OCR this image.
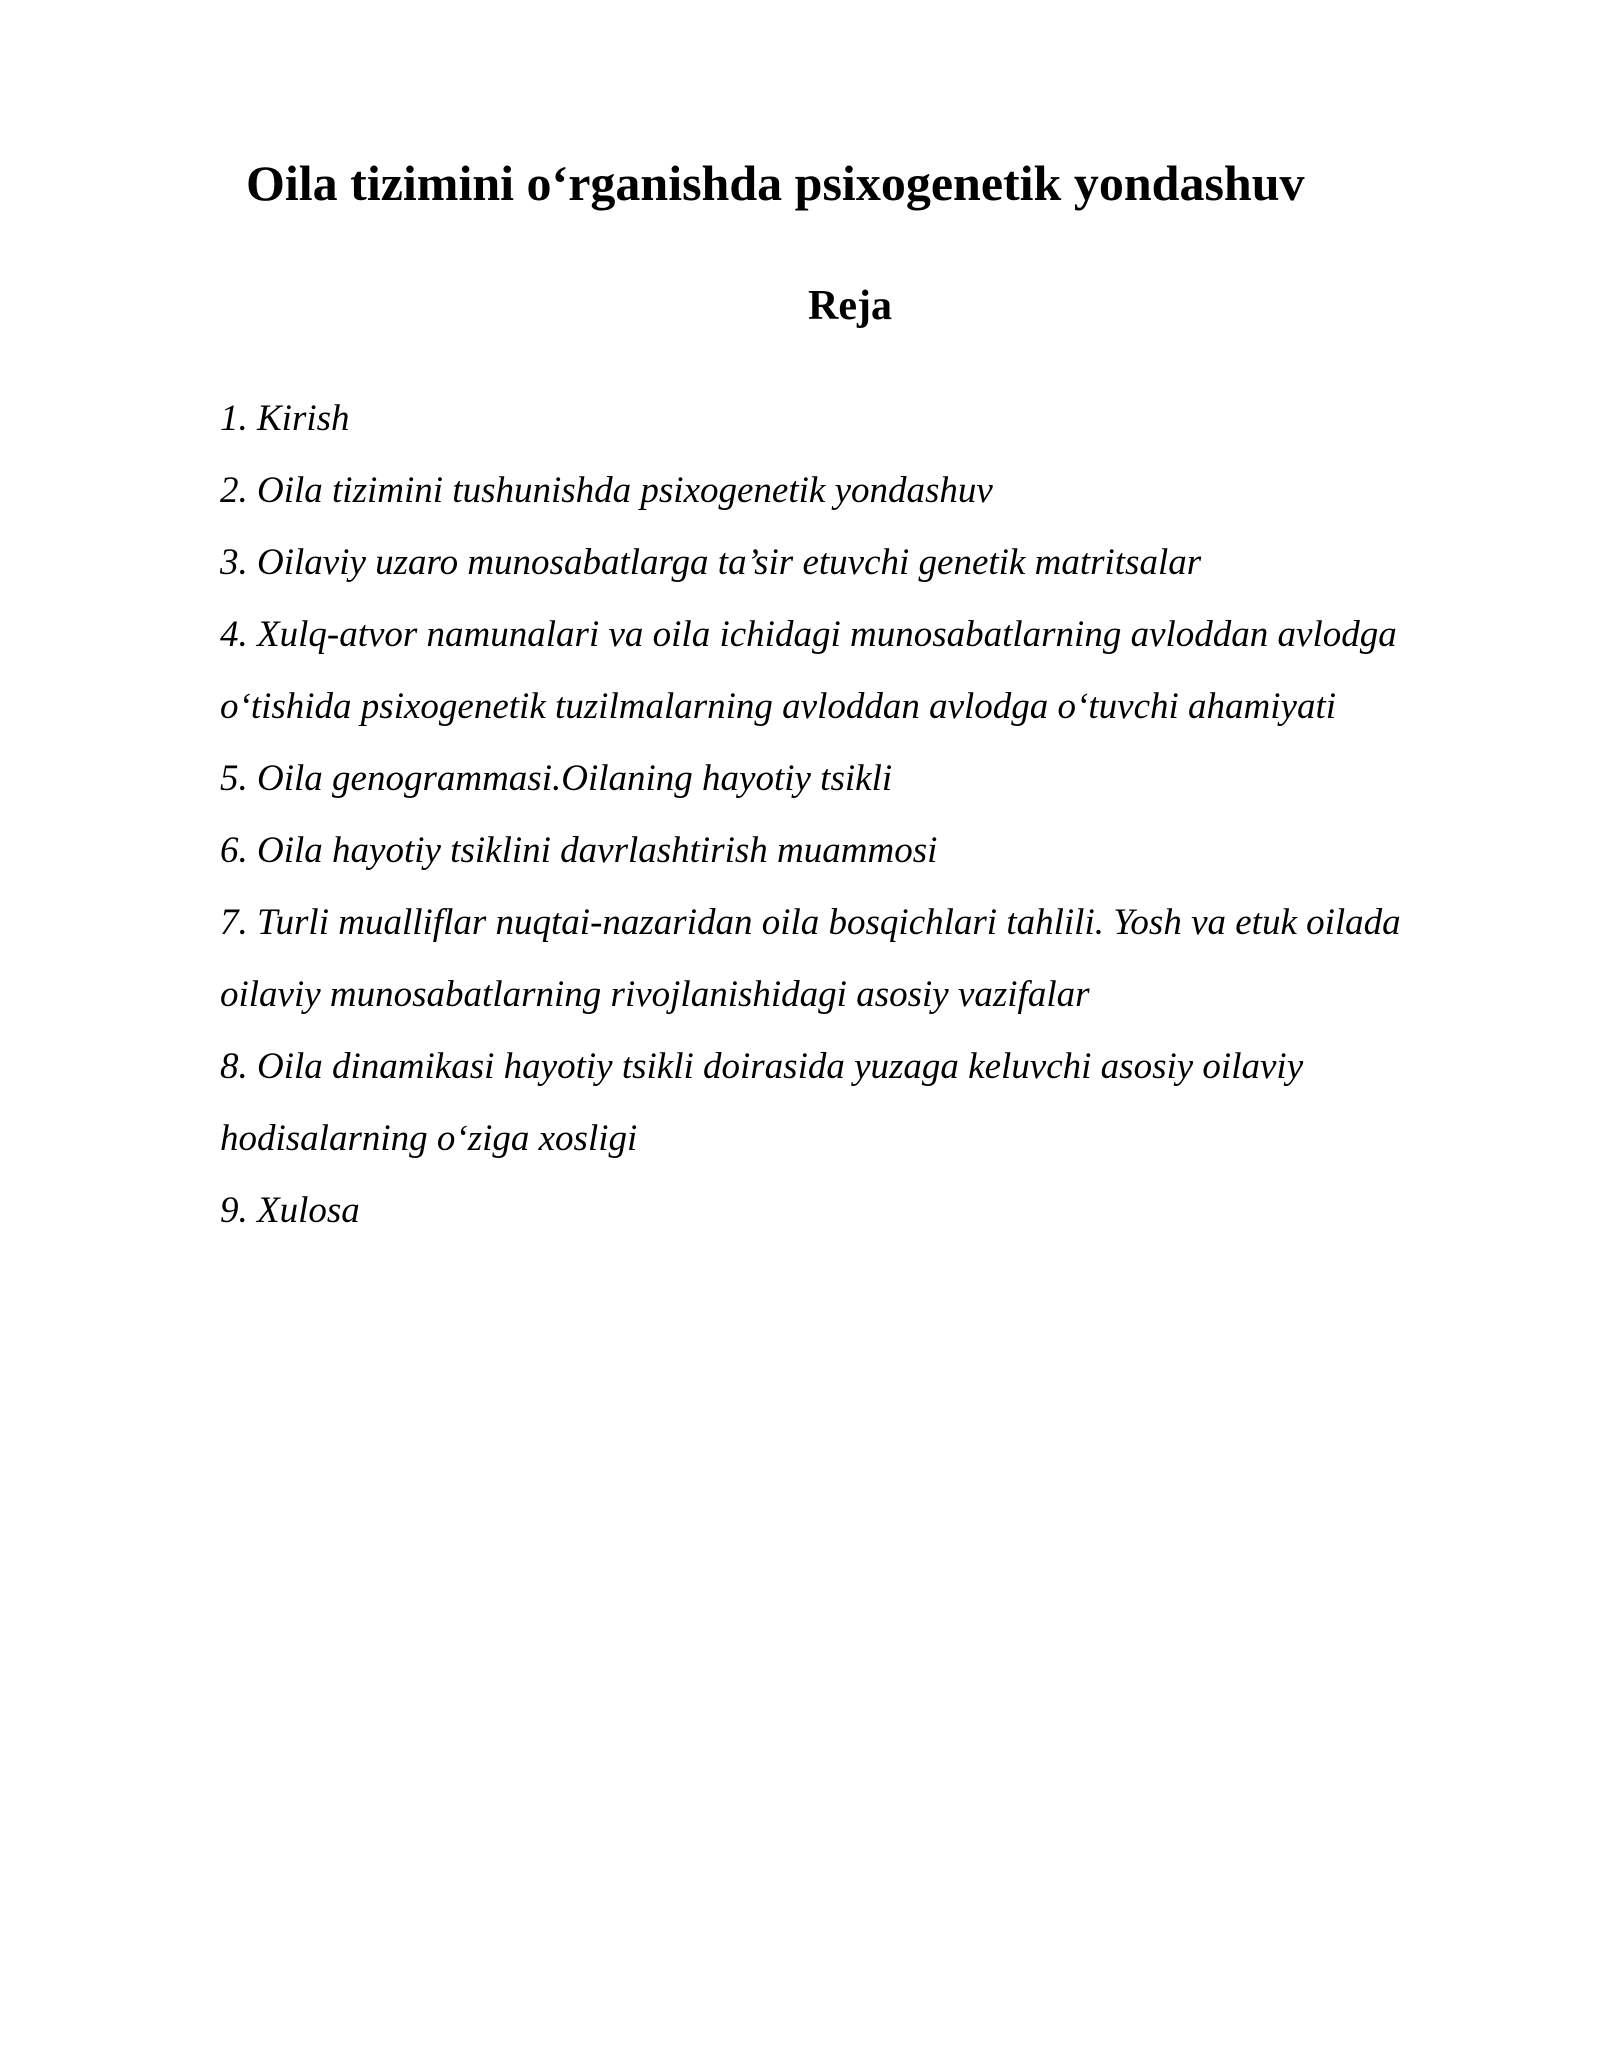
Oila tizimini o‘rganishda psixogenetik yondashuv
Reja
1. Kirish
2. Oila tizimini tushunishda psixogenetik yondashuv
3. Oilaviy uzaro munosabatlarga ta’sir etuvchi genetik matritsalar
4. Xulq-atvor namunalari va oila ichidagi munosabatlarning avloddan avlodga o‘tishida psixogenetik tuzilmalarning avloddan avlodga o‘tuvchi ahamiyati
5. Oila genogrammasi.Oilaning hayotiy tsikli
6. Oila hayotiy tsiklini davrlashtirish muammosi
7. Turli mualliflar nuqtai-nazaridan oila bosqichlari tahlili. Yosh va etuk oilada oilaviy munosabatlarning rivojlanishidagi asosiy vazifalar
8. Oila dinamikasi hayotiy tsikli doirasida yuzaga keluvchi asosiy oilaviy hodisalarning o‘ziga xosligi
9. Xulosa
